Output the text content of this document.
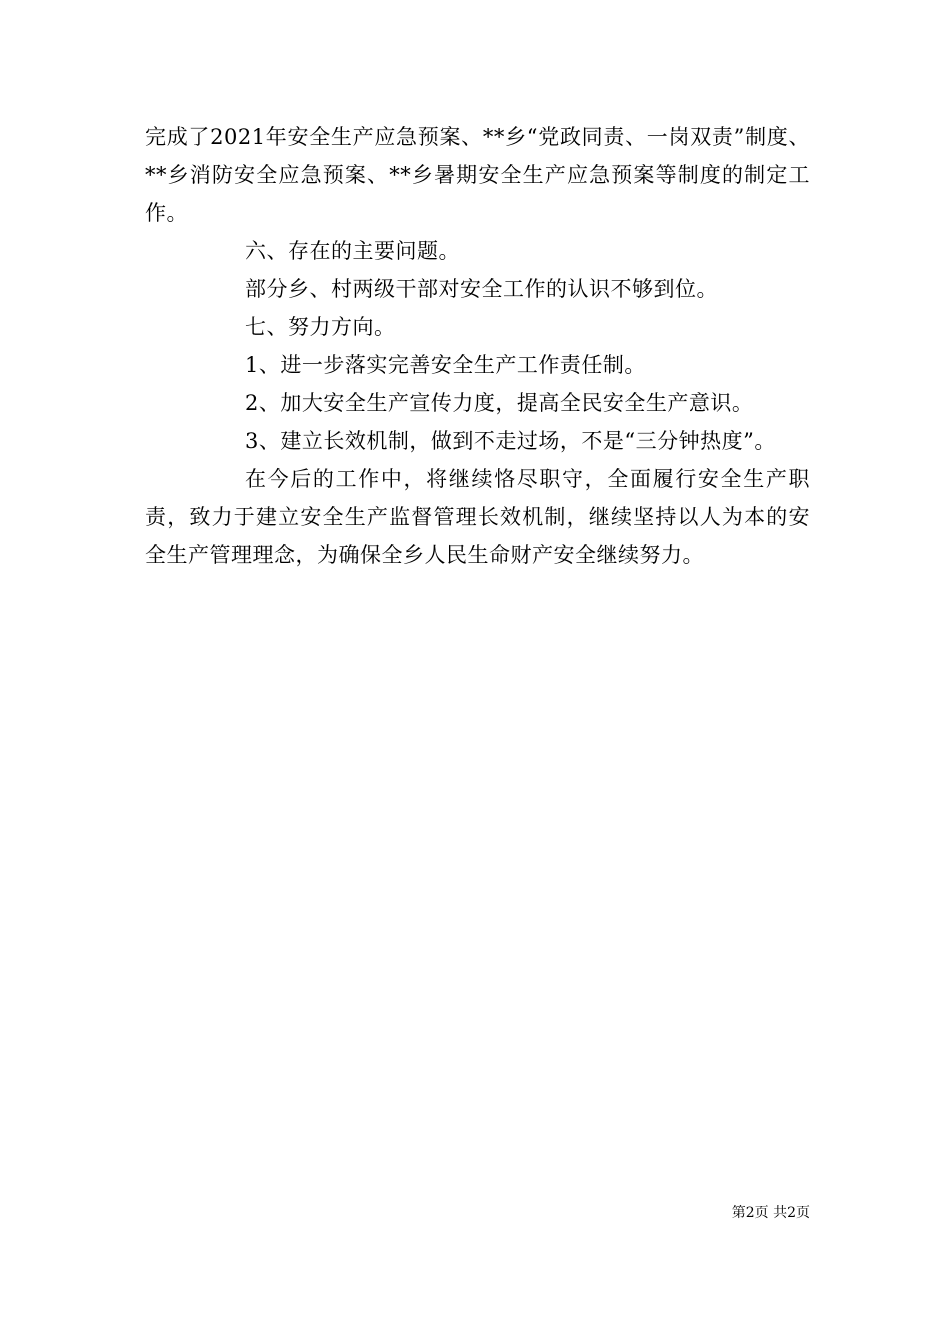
完成了2021年安全生产应急预案、**乡“党政同责、一岗双责”制度、**乡消防安全应急预案、**乡暑期安全生产应急预案等制度的制定工作。

六、存在的主要问题。

部分乡、村两级干部对安全工作的认识不够到位。

七、努力方向。

1、进一步落实完善安全生产工作责任制。

2、加大安全生产宣传力度，提高全民安全生产意识。

3、建立长效机制，做到不走过场，不是“三分钟热度”。

在今后的工作中，将继续恪尽职守，全面履行安全生产职责，致力于建立安全生产监督管理长效机制，继续坚持以人为本的安全生产管理理念，为确保全乡人民生命财产安全继续努力。

第2页 共2页
